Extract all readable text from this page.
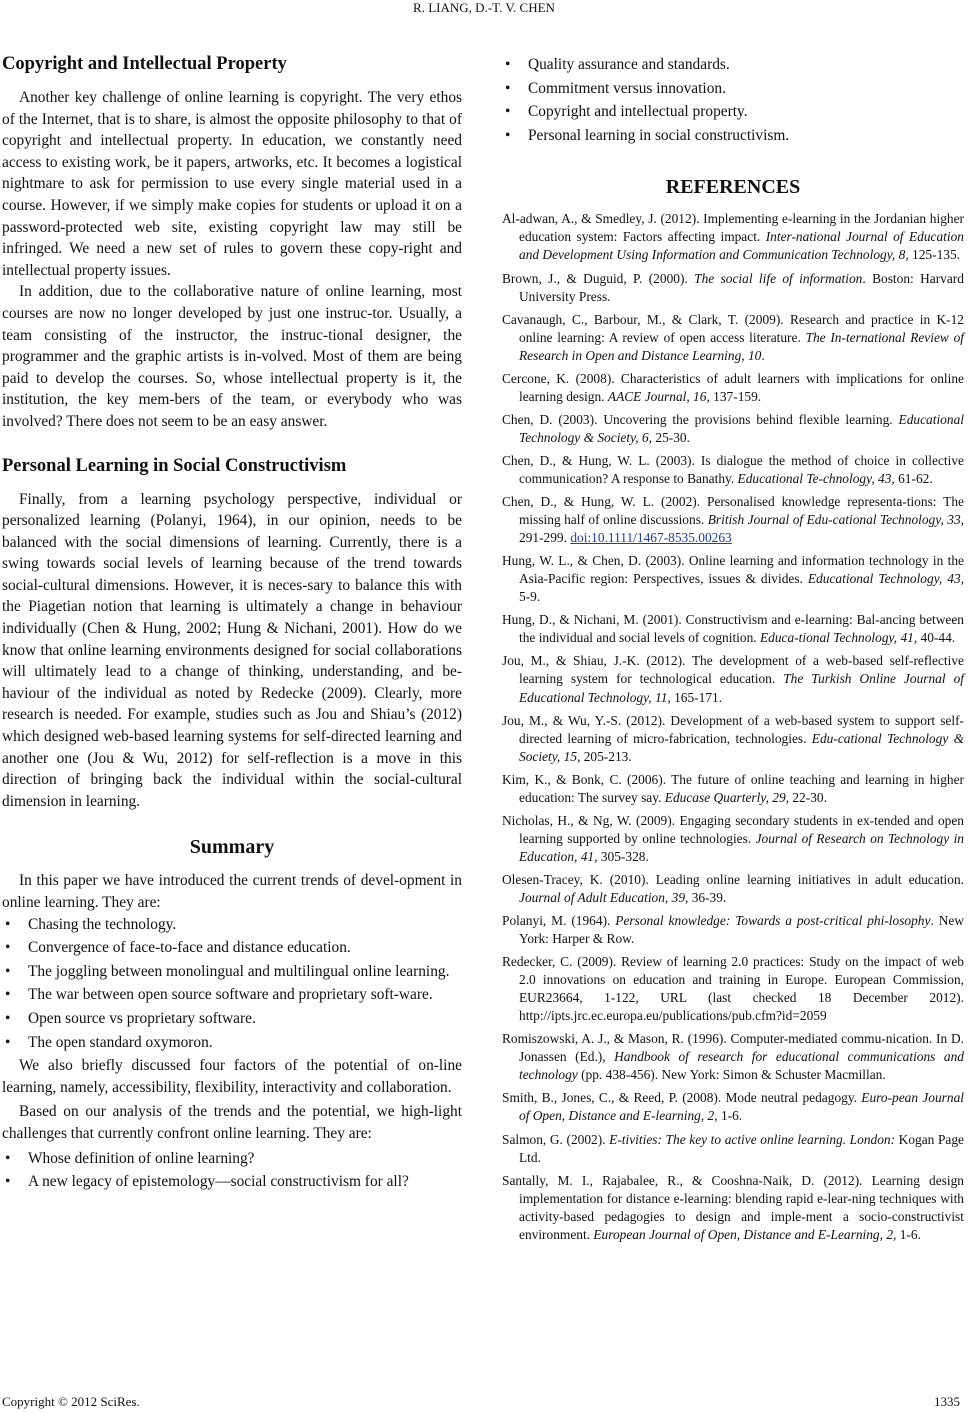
R. LIANG, D.-T. V. CHEN
Copyright and Intellectual Property

Another key challenge of online learning is copyright. The very ethos of the Internet, that is to share, is almost the opposite philosophy to that of copyright and intellectual property. In education, we constantly need access to existing work, be it papers, artworks, etc. It becomes a logistical nightmare to ask for permission to use every single material used in a course. However, if we simply make copies for students or upload it on a password-protected web site, existing copyright law may still be infringed. We need a new set of rules to govern these copy-right and intellectual property issues.

In addition, due to the collaborative nature of online learning, most courses are now no longer developed by just one instruc-tor. Usually, a team consisting of the instructor, the instruc-tional designer, the programmer and the graphic artists is in-volved. Most of them are being paid to develop the courses. So, whose intellectual property is it, the institution, the key mem-bers of the team, or everybody who was involved? There does not seem to be an easy answer.

Personal Learning in Social Constructivism

Finally, from a learning psychology perspective, individual or personalized learning (Polanyi, 1964), in our opinion, needs to be balanced with the social dimensions of learning. Currently, there is a swing towards social levels of learning because of the trend towards social-cultural dimensions. However, it is neces-sary to balance this with the Piagetian notion that learning is ultimately a change in behaviour individually (Chen & Hung, 2002; Hung & Nichani, 2001). How do we know that online learning environments designed for social collaborations will ultimately lead to a change of thinking, understanding, and be-haviour of the individual as noted by Redecke (2009). Clearly, more research is needed. For example, studies such as Jou and Shiau’s (2012) which designed web-based learning systems for self-directed learning and another one (Jou & Wu, 2012) for self-reflection is a move in this direction of bringing back the individual within the social-cultural dimension in learning.

Summary

In this paper we have introduced the current trends of devel-opment in online learning. They are:

• Chasing the technology.
• Convergence of face-to-face and distance education.
• The joggling between monolingual and multilingual online learning.
• The war between open source software and proprietary soft-ware.
• Open source vs proprietary software.
• The open standard oxymoron.

We also briefly discussed four factors of the potential of on-line learning, namely, accessibility, flexibility, interactivity and collaboration.

Based on our analysis of the trends and the potential, we high-light challenges that currently confront online learning. They are:

• Whose definition of online learning?
• A new legacy of epistemology—social constructivism for all?
• Quality assurance and standards.
• Commitment versus innovation.
• Copyright and intellectual property.
• Personal learning in social constructivism.
REFERENCES
Al-adwan, A., & Smedley, J. (2012). Implementing e-learning in the Jordanian higher education system: Factors affecting impact. Inter-national Journal of Education and Development Using Information and Communication Technology, 8, 125-135.
Brown, J., & Duguid, P. (2000). The social life of information. Boston: Harvard University Press.
Cavanaugh, C., Barbour, M., & Clark, T. (2009). Research and practice in K-12 online learning: A review of open access literature. The In-ternational Review of Research in Open and Distance Learning, 10.
Cercone, K. (2008). Characteristics of adult learners with implications for online learning design. AACE Journal, 16, 137-159.
Chen, D. (2003). Uncovering the provisions behind flexible learning. Educational Technology & Society, 6, 25-30.
Chen, D., & Hung, W. L. (2003). Is dialogue the method of choice in collective communication? A response to Banathy. Educational Te-chnology, 43, 61-62.
Chen, D., & Hung, W. L. (2002). Personalised knowledge representa-tions: The missing half of online discussions. British Journal of Edu-cational Technology, 33, 291-299. doi:10.1111/1467-8535.00263
Hung, W. L., & Chen, D. (2003). Online learning and information technology in the Asia-Pacific region: Perspectives, issues & divides. Educational Technology, 43, 5-9.
Hung, D., & Nichani, M. (2001). Constructivism and e-learning: Bal-ancing between the individual and social levels of cognition. Educa-tional Technology, 41, 40-44.
Jou, M., & Shiau, J.-K. (2012). The development of a web-based self-reflective learning system for technological education. The Turkish Online Journal of Educational Technology, 11, 165-171.
Jou, M., & Wu, Y.-S. (2012). Development of a web-based system to support self-directed learning of micro-fabrication, technologies. Edu-cational Technology & Society, 15, 205-213.
Kim, K., & Bonk, C. (2006). The future of online teaching and learning in higher education: The survey say. Educase Quarterly, 29, 22-30.
Nicholas, H., & Ng, W. (2009). Engaging secondary students in ex-tended and open learning supported by online technologies. Journal of Research on Technology in Education, 41, 305-328.
Olesen-Tracey, K. (2010). Leading online learning initiatives in adult education. Journal of Adult Education, 39, 36-39.
Polanyi, M. (1964). Personal knowledge: Towards a post-critical phi-losophy. New York: Harper & Row.
Redecker, C. (2009). Review of learning 2.0 practices: Study on the impact of web 2.0 innovations on education and training in Europe. European Commission, EUR23664, 1-122, URL (last checked 18 December 2012). http://ipts.jrc.ec.europa.eu/publications/pub.cfm?id=2059
Romiszowski, A. J., & Mason, R. (1996). Computer-mediated commu-nication. In D. Jonassen (Ed.), Handbook of research for educational communications and technology (pp. 438-456). New York: Simon & Schuster Macmillan.
Smith, B., Jones, C., & Reed, P. (2008). Mode neutral pedagogy. Euro-pean Journal of Open, Distance and E-learning, 2, 1-6.
Salmon, G. (2002). E-tivities: The key to active online learning. London: Kogan Page Ltd.
Santally, M. I., Rajabalee, R., & Cooshna-Naik, D. (2012). Learning design implementation for distance e-learning: blending rapid e-lear-ning techniques with activity-based pedagogies to design and imple-ment a socio-constructivist environment. European Journal of Open, Distance and E-Learning, 2, 1-6.
Copyright © 2012 SciRes.	1335
